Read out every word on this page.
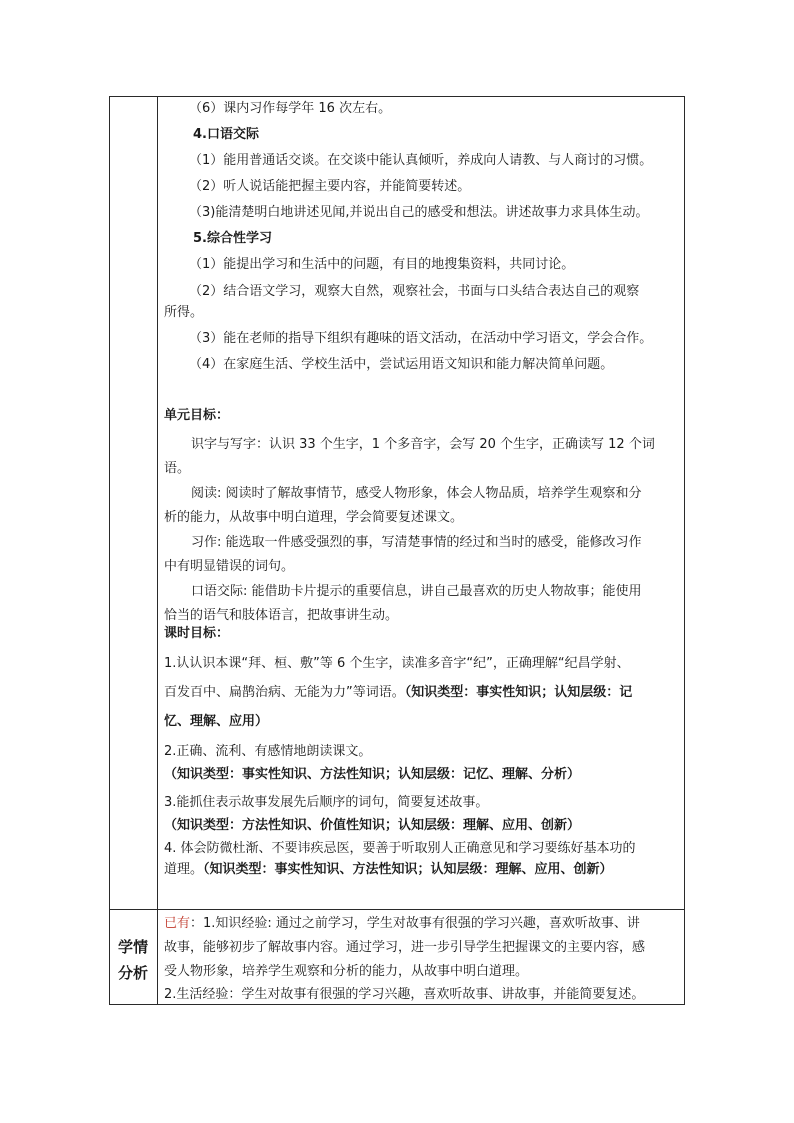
（6）课内习作每学年 16 次左右。
4.口语交际
（1）能用普通话交谈。在交谈中能认真倾听，养成向人请教、与人商讨的习惯。
（2）听人说话能把握主要内容，并能简要转述。
（3)能清楚明白地讲述见闻,并说出自己的感受和想法。讲述故事力求具体生动。
5.综合性学习
（1）能提出学习和生活中的问题，有目的地搜集资料，共同讨论。
（2）结合语文学习，观察大自然，观察社会，书面与口头结合表达自己的观察
所得。
（3）能在老师的指导下组织有趣味的语文活动，在活动中学习语文，学会合作。
（4）在家庭生活、学校生活中，尝试运用语文知识和能力解决简单问题。
单元目标：
识字与写字：认识 33 个生字，1 个多音字，会写 20 个生字，正确读写 12 个词
语。
阅读: 阅读时了解故事情节，感受人物形象，体会人物品质，培养学生观察和分
析的能力，从故事中明白道理，学会简要复述课文。
习作: 能选取一件感受强烈的事，写清楚事情的经过和当时的感受，能修改习作
中有明显错误的词句。
口语交际: 能借助卡片提示的重要信息，讲自己最喜欢的历史人物故事；能使用
恰当的语气和肢体语言，把故事讲生动。
课时目标：
1.认认识本课“拜、桓、敷”等 6 个生字，读准多音字“纪”，正确理解“纪昌学射、
百发百中、扁鹊治病、无能为力”等词语。（知识类型：事实性知识；认知层级：记
忆、理解、应用）
2.正确、流利、有感情地朗读课文。
（知识类型：事实性知识、方法性知识；认知层级：记忆、理解、分析）
3.能抓住表示故事发展先后顺序的词句，简要复述故事。
（知识类型：方法性知识、价值性知识；认知层级：理解、应用、创新）
4. 体会防微杜渐、不要讳疾忌医，要善于听取别人正确意见和学习要练好基本功的
道理。（知识类型：事实性知识、方法性知识；认知层级：理解、应用、创新）
学情
分析
已有：1.知识经验: 通过之前学习，学生对故事有很强的学习兴趣，喜欢听故事、讲
故事，能够初步了解故事内容。通过学习，进一步引导学生把握课文的主要内容，感
受人物形象，培养学生观察和分析的能力，从故事中明白道理。
2.生活经验：学生对故事有很强的学习兴趣，喜欢听故事、讲故事，并能简要复述。
